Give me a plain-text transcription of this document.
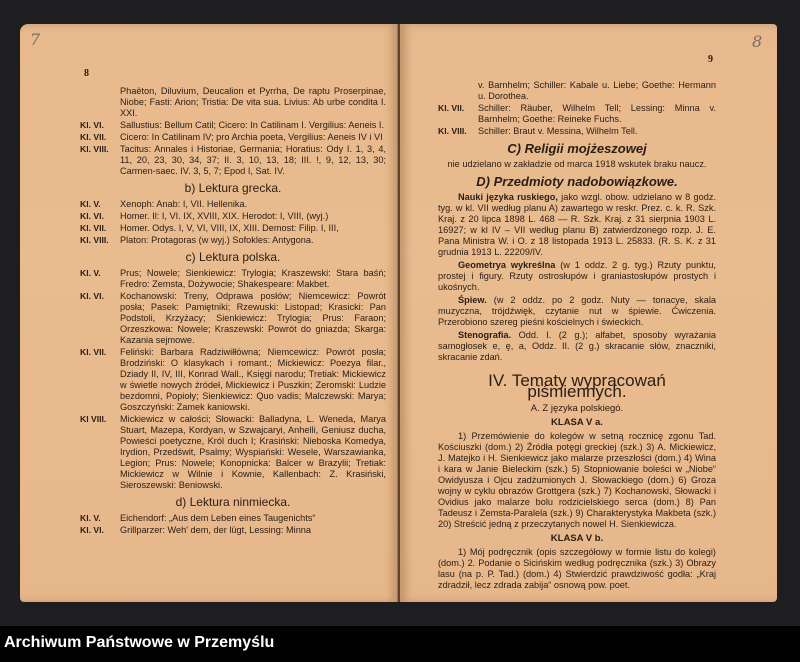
7
8
Phaëton, Diluvium, Deucalion et Pyrrha, De raptu Proserpinae, Niobe; Fasti: Arion; Tristia: De vita sua. Livius: Ab urbe condita I. XXI.
Kl. VI.	Sallustius: Bellum Catil; Cicero: In Catilinam I. Vergilius: Aeneis I.
Kl. VII.	Cicero: In Catilinam IV; pro Archia poeta, Vergilius: Aeneis IV i VI
Kl. VIII.	Tacitus: Annales i Historiae, Germania; Horatius: Ody I. 1, 3, 4, 11, 20, 23, 30, 34, 37; II. 3, 10, 13, 18; III. !, 9, 12, 13, 30; Carmen-saec. IV. 3, 5, 7; Epod I, Sat. IV.
b) Lektura grecka.
Kl. V.	Xenoph: Anab: I, VII. Hellenika.
Kl. VI.	Homer. Il: I, VI. IX, XVIII, XIX. Herodot: I, VIII, (wyj.)
Kl. VII.	Homer. Odys. I, V, VI, VIII, IX, XIII. Demost: Filip. I, III,
Kl. VIII.	Platon: Protagoras (w wyj.) Sofokles: Antygona.
c) Lektura polska.
Kl. V.	Prus; Nowele; Sienkiewicz: Trylogia; Kraszewski: Stara baśń; Fredro: Zemsta, Dożywocie; Shakespeare: Makbet.
Kl. VI.	Kochanowski: Treny, Odprawa posłów; Niemcewicz: Powrót posła; Pasek: Pamiętniki; Rzewuski: Listopad; Krasicki: Pan Podstoli, Krzyżacy; Sienkiewicz: Trylogia; Prus: Faraon; Orzeszkowa: Nowele; Kraszewski: Powrót do gniazda; Skarga: Kazania sejmowe.
Kl. VII.	Feliński: Barbara Radziwiłłówna; Niemcewicz: Powrót posła; Brodziński: O klasykach i romant.; Mickiewicz: Poezya filar., Dziady II, IV, III, Konrad Wall., Księgi narodu; Tretiak: Mickiewicz w świetle nowych źródeł, Mickiewicz i Puszkin; Zeromski: Ludzie bezdomni, Popioły; Sienkiewicz: Quo vadis; Malczewski: Marya; Goszczyński: Zamek kaniowski.
Kl VIII.	Mickiewicz w całości; Słowacki: Balladyna, L. Weneda, Marya Stuart, Mazepa, Kordyan, w Szwajcaryi, Anhelli, Geniusz ducha, Powieści poetyczne, Król duch I; Krasiński: Nieboska Komedya, Irydion, Przedświt, Psalmy; Wyspiański: Wesele, Warszawianka, Legion; Prus: Nowele; Konopnicka: Balcer w Brazylii; Tretiak: Mickiewicz w Wilnie i Kownie, Kallenbach: Z. Krasiński, Sieroszewski: Beniowski.
d) Lektura ninmiecka.
Kl. V.	Eichendorf: „Aus dem Leben eines Taugenichts“
Kl. VI.	Grillparzer: Weh' dem, der lügt, Lessing: Minna
8
9
v. Barnhelm; Schiller: Kabale u. Liebe; Goethe: Hermann u. Dorothea.
Kl. VII.	Schiller: Räuber, Wilhelm Tell; Lessing: Minna v. Barnhelm; Goethe: Reineke Fuchs.
Kl. VIII.	Schiller: Braut v. Messina, Wilhelm Tell.
C) Religii mojżeszowej
nie udzielano w zakładzie od marca 1918 wskutek braku naucz.
D) Przedmioty nadobowiązkowe.
Nauki języka ruskiego, jako wzgl. obow. udzielano w 8 godz. tyg. w kl. VII według planu A) zawartego w reskr. Prez. c. k. R. Szk. Kraj. z 20 lipca 1898 L. 468 — R. Szk. Kraj. z 31 sierpnia 1903 L. 16927; w kl IV – VII według planu B) zatwierdzonego rozp. J. E. Pana Ministra W. i O. z 18 listopada 1913 L. 25833. (R. S. K. z 31 grudnia 1913 L. 22209/IV.
Geometrya wykreślna (w 1 oddz. 2 g. tyg.) Rzuty punktu, prostej i figury. Rzuty ostrosłupów i graniastosłupów prostych i ukośnych.
Śpiew. (w 2 oddz. po 2 godz. Nuty — tonacye, skala muzyczna, trójdźwięk, czytanie nut w śpiewie. Ćwiczenia. Przerobiono szereg pieśni kościelnych i świeckich.
Stenografia. Odd. I. (2 g.); alfabet, sposoby wyrażania samogłosek e, ę, a, Oddz. II. (2 g.) skracanie słów, znaczniki, skracanie zdań.
IV. Tematy wypracowań piśmiennych.
A. Z języka polskiegó.
KLASA V a.
1) Przemówienie do kolegów w setną rocznicę zgonu Tad. Kościuszki (dom.) 2) Źródła potęgi greckiej (szk.) 3) A. Mickiewicz, J. Matejko i H. Sienkiewicz jako malarze przeszłości (dom.) 4) Wina i kara w Janie Bieleckim (szk.) 5) Stopniowanie boleści w „Niobe“ Owidyusza i Ojcu zadżumionych J. Słowackiego (dom.) 6) Groza wojny w cyklu obrazów Grottgera (szk.) 7) Kochanowski, Słowacki i Ovidius jako malarze bolu rodzicielskiego serca (dom.) 8) Pan Tadeusz i Zemsta-Paralela (szk.) 9) Charakterystyka Makbeta (szk.) 20) Streścić jedną z przeczytanych nowel H. Sienkiewicza.
KLASA V b.
1) Mój podręcznik (opis szczegółowy w formie listu do kolegi) (dom.) 2. Podanie o Sicińskim według podręcznika (szk.) 3) Obrazy lasu (na p. P. Tad.) (dom.) 4) Stwierdzić prawdziwość godła: „Kraj zdradził, lecz zdrada zabija“ osnową pow. poet.
Archiwum Państwowe w Przemyślu
